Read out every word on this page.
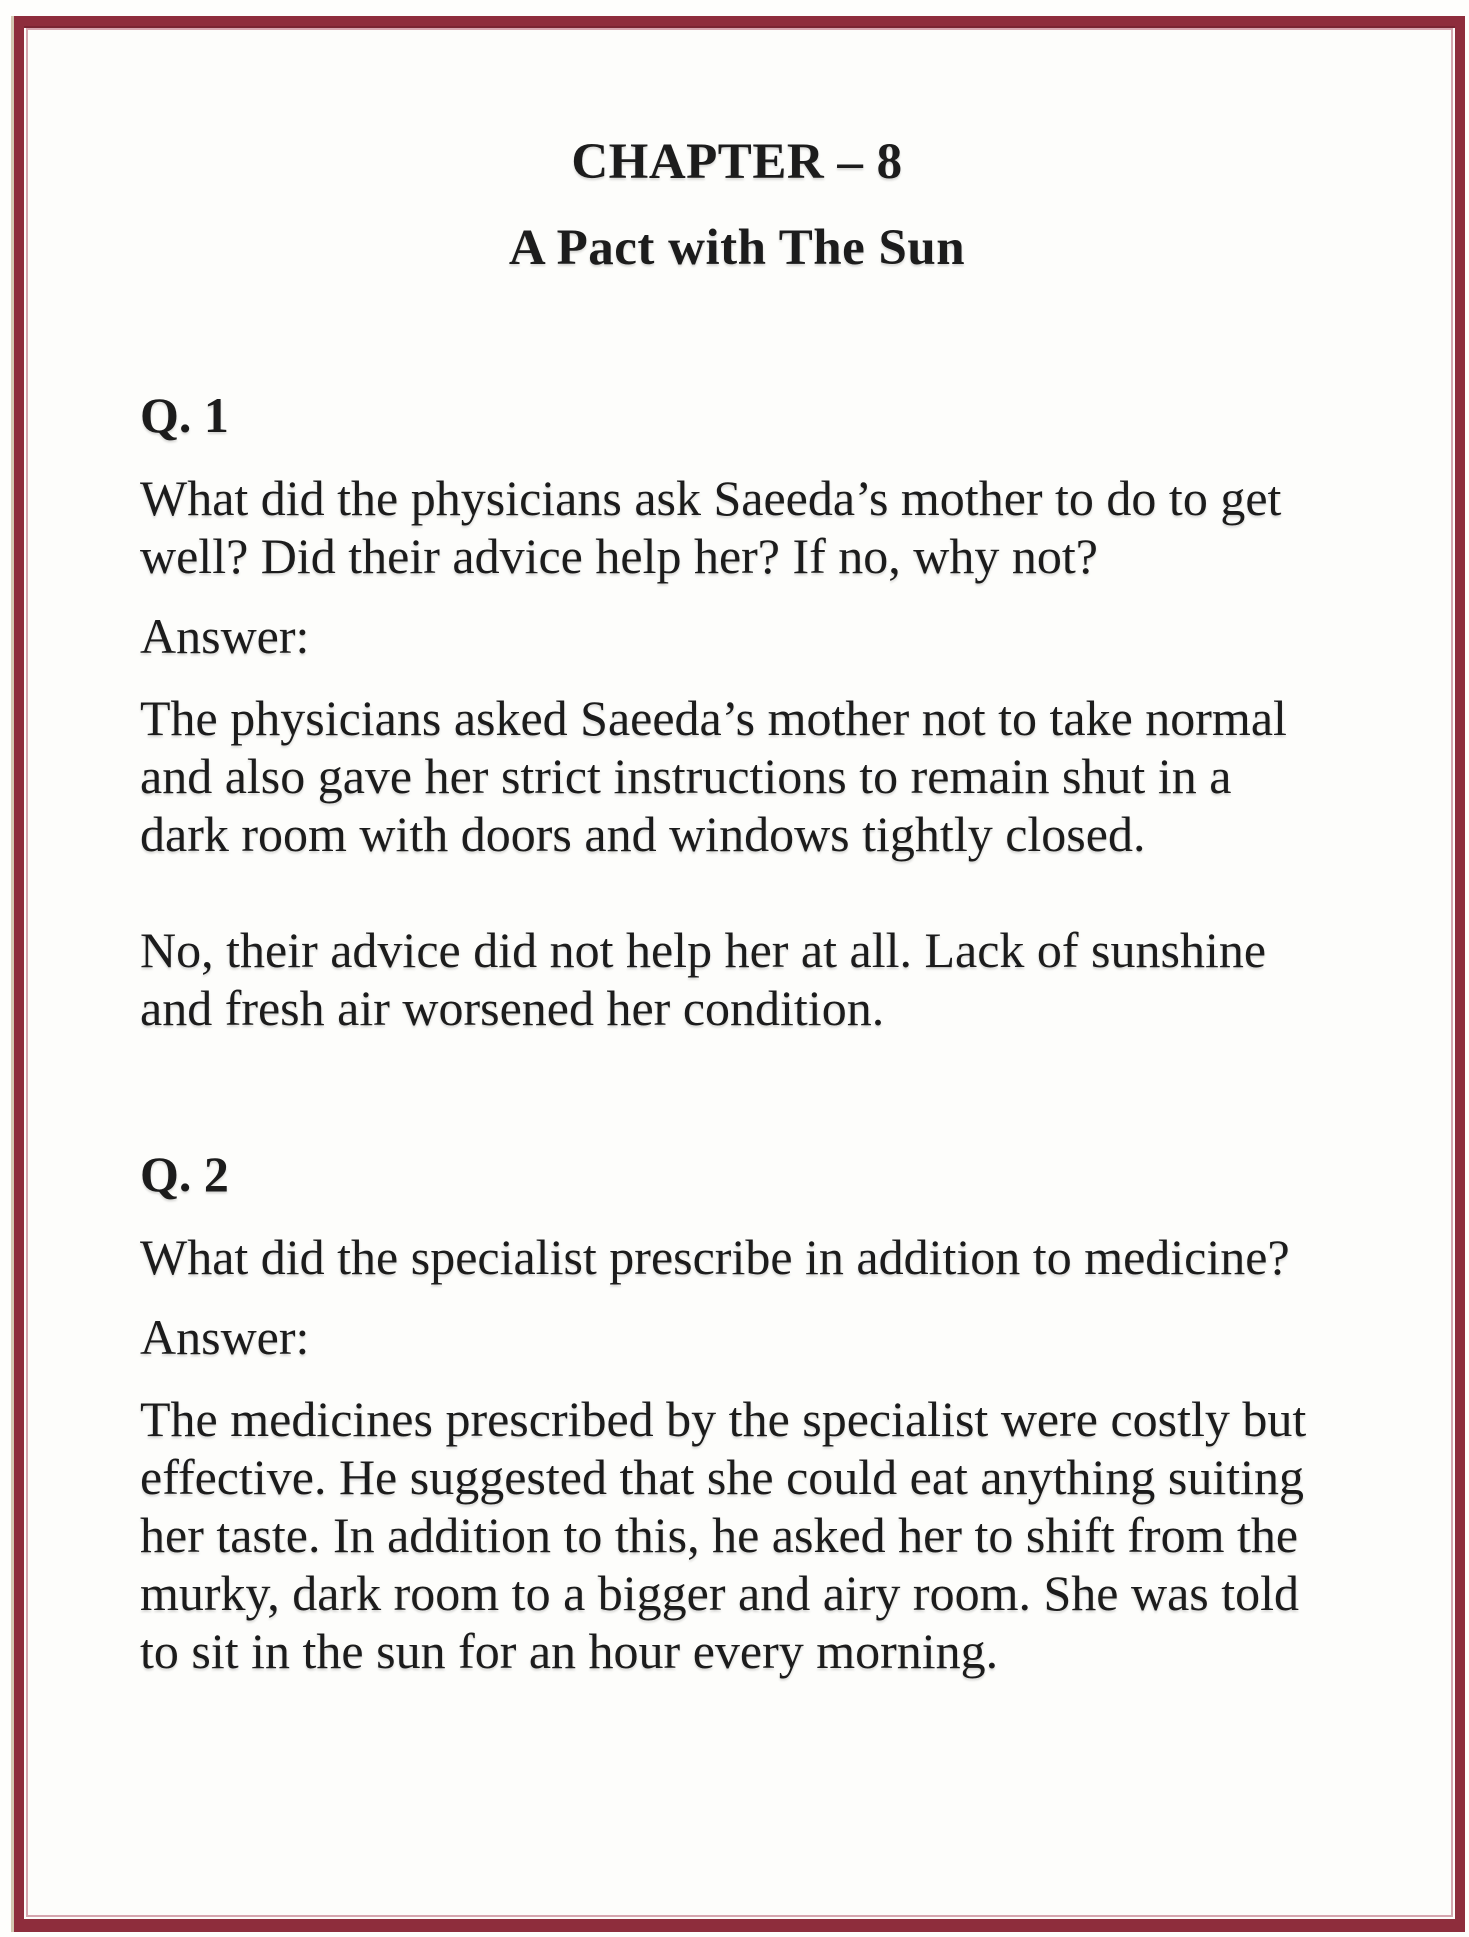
CHAPTER – 8
A Pact with The Sun
Q. 1

What did the physicians ask Saeeda’s mother to do to get well? Did their advice help her? If no, why not?

Answer:

The physicians asked Saeeda’s mother not to take normal and also gave her strict instructions to remain shut in a dark room with doors and windows tightly closed.

No, their advice did not help her at all. Lack of sunshine and fresh air worsened her condition.

Q. 2

What did the specialist prescribe in addition to medicine?

Answer:

The medicines prescribed by the specialist were costly but effective. He suggested that she could eat anything suiting her taste. In addition to this, he asked her to shift from the murky, dark room to a bigger and airy room. She was told to sit in the sun for an hour every morning.
